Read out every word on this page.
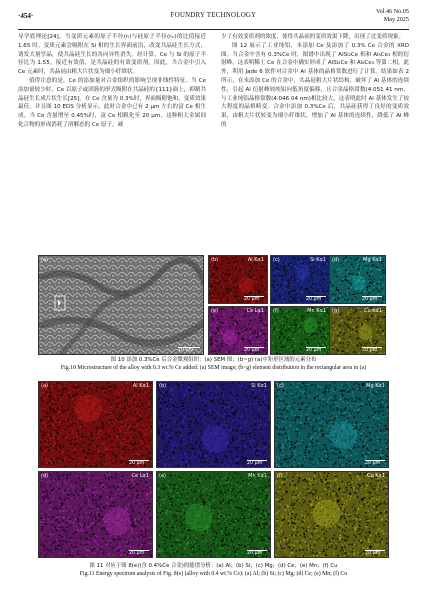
·454·	FOUNDRY TECHNOLOGY
Vol.46 No.05
May 2025

导学底理论[24]，当变质元素的原子半径(rᵢ)与硅原子半径(rₛᵢ)的比值接近 1.65 时，变质元素会吸附在 Si 相的生长界面前沿，改变共晶硅生长方式，诱发大量孪晶，使共晶硅生长的各向异性消失。经计算，Ce 与 Si 的原子半径比为 1.55，接近有效值，是共晶硅的有效变质剂。因此，当合金中引入 Ce 元素时，共晶硅由粗大片状变为细小纤维状。

值得注意的是，Ce 的添加量对合金组织的影响呈现非线性特征。当 Ce 添加量较少时，Ce 以原子或团簇的形式吸附在共晶硅的{111}面上，抑制共晶硅生长成片状生长[25]。在 Ce 含量为 0.3%时，界面吸附饱和，变质效果最佳。并且图 10 EDS 分析显示，此时合金中已有 2 μm 左右的富 Ce 相生成。当 Ce 含量增至 0.45%时，富 Ce 相粗化至 20 μm，这种粗大金属间化合物的形成消耗了溶解态的 Ce 原子，减

少了有效变质剂的浓度，使得共晶硅的变质效果下降，出现了过变质现象。

图 12 展示了工业纯铝、未添加 Ce 及添加了 0.3% Ce 合金的 XRD 图。当合金中含有 0.3%Ce 时，图谱中出现了 AlSi₂Ce 相和 Al₈Ce₃ 相的衍射峰，这表明稀土 Ce 在合金中确实形成了 AlSi₂Ce 和 Al₈Ce₃ 等第二相。此外，利用 Jade 6 软件对合金中 Al 基体的晶格常数进行了计算。结果如表 2 所示，在未添加 Ce 的合金中，共晶硅粗大片状结构，破坏了 Al 基体的连续性，引起 Al 衍射峰较纯铝向低角度偏移，且合金晶格常数(4.051 41 nm，与工业纯铝晶格常数(4.046 04 nm)相比较大，这表明此时 Al 基体发生了较大程度的晶格畸变。合金中添加 0.3%Ce 后，共晶硅获得了良好的变质效果，由粗大片状转变为细小纤维状，增加了 Al 基体的连续性，降低了 Al 峰的

(a)
10 μm
(b)	Al Kα1
20 μm
(c)	Si Kα1
20 μm
(d)	Mg Kα1
20 μm
(e)	Ce Lα1
20 μm
(f)	Mn Kα1
20 μm
(g)	Cu Kα1
20 μm
图 10 添加 0.3%Ce 后合金微观组织：(a) SEM 图；(b~g) (a)中矩形区域的元素分布
Fig.10 Microstructure of the alloy with 0.3 wt.% Ce added: (a) SEM image; (b~g) element distribution in the rectangular area in (a)
(a)	Al Kα1
20 μm
(b)	Si Kα1
20 μm
(c)	Mg Kα1
20 μm
(d)	Ce Lα1
20 μm
(e)	Mn Kα1
20 μm
(f)	Cu Kα1
20 μm
图 11 对应于图 8(e)(含 0.4%Ce 合金)的能谱分析：(a) Al；(b) Si；(c) Mg；(d) Ce；(e) Mn；(f) Cu
Fig.11 Energy spectrum analysis of Fig. 8(e) (alloy with 0.4 wt.% Ce): (a) Al; (b) Si; (c) Mg; (d) Ce; (e) Mn; (f) Cu
